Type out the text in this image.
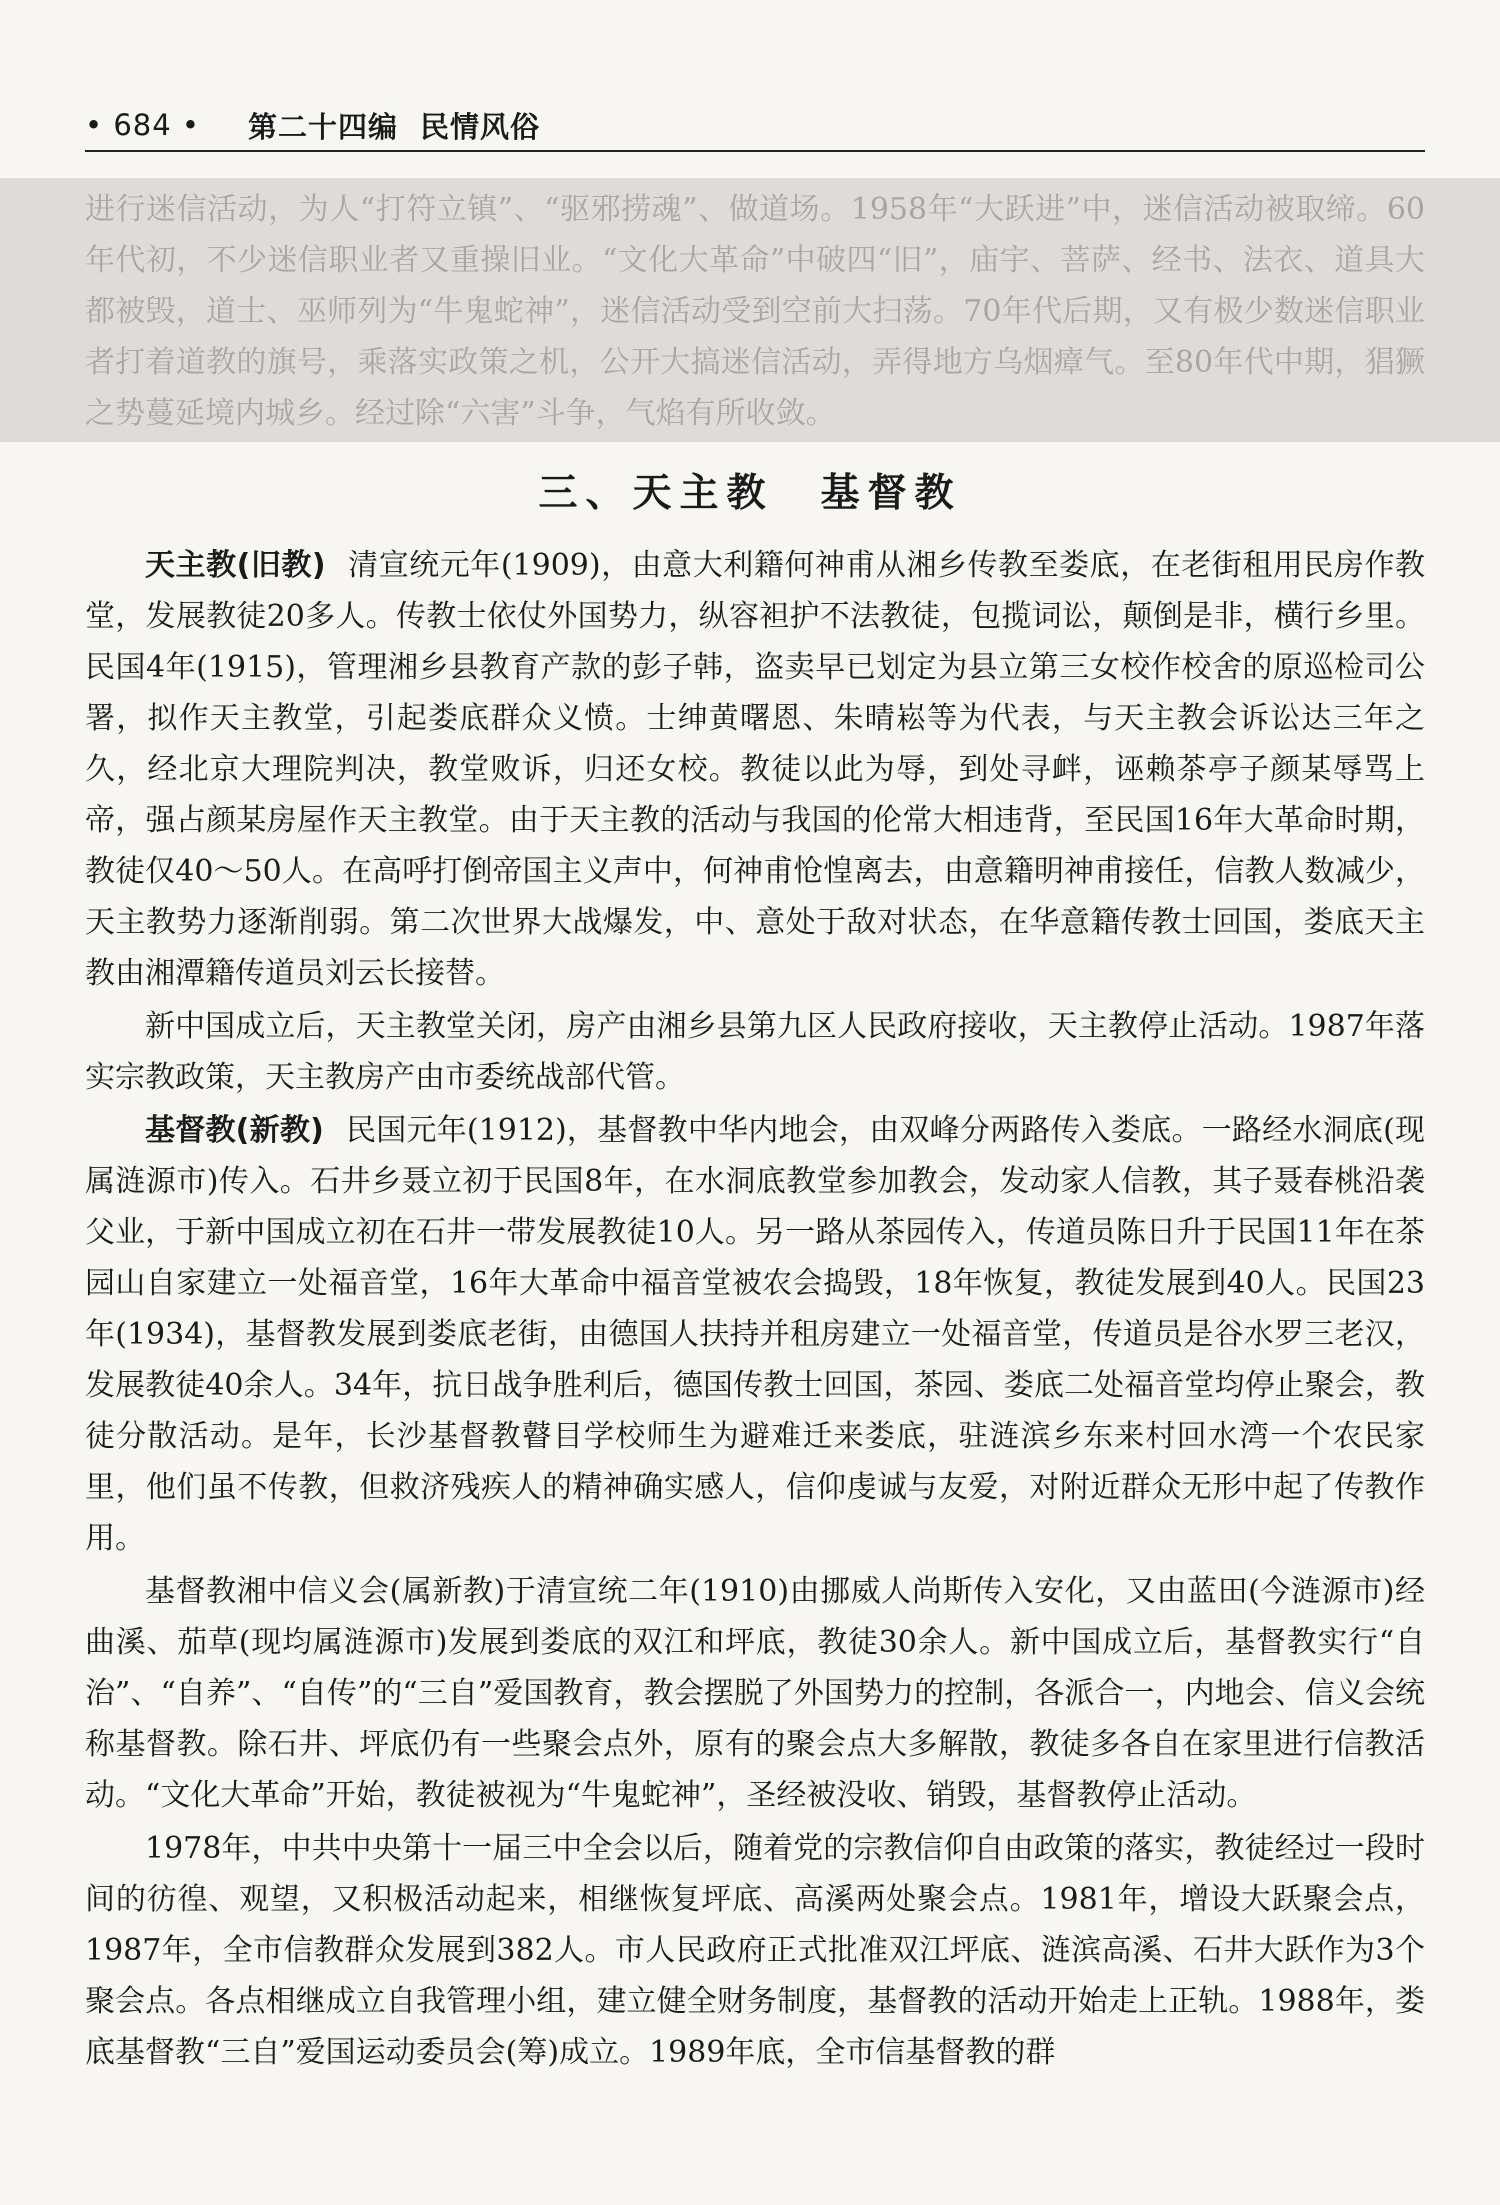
• 684 • 第二十四编 民情风俗

进行迷信活动，为人“打符立镇”、“驱邪捞魂”、做道场。1958年“大跃进”中，迷信活动被取缔。60年代初，不少迷信职业者又重操旧业。“文化大革命”中破四“旧”，庙宇、菩萨、经书、法衣、道具大都被毁，道士、巫师列为“牛鬼蛇神”，迷信活动受到空前大扫荡。70年代后期，又有极少数迷信职业者打着道教的旗号，乘落实政策之机，公开大搞迷信活动，弄得地方乌烟瘴气。至80年代中期，猖獗之势蔓延境内城乡。经过除“六害”斗争，气焰有所收敛。

三、天主教　基督教

天主教(旧教) 清宣统元年(1909)，由意大利籍何神甫从湘乡传教至娄底，在老街租用民房作教堂，发展教徒20多人。传教士依仗外国势力，纵容袒护不法教徒，包揽词讼，颠倒是非，横行乡里。民国4年(1915)，管理湘乡县教育产款的彭子韩，盗卖早已划定为县立第三女校作校舍的原巡检司公署，拟作天主教堂，引起娄底群众义愤。士绅黄曙恩、朱晴崧等为代表，与天主教会诉讼达三年之久，经北京大理院判决，教堂败诉，归还女校。教徒以此为辱，到处寻衅，诬赖茶亭子颜某辱骂上帝，强占颜某房屋作天主教堂。由于天主教的活动与我国的伦常大相违背，至民国16年大革命时期，教徒仅40～50人。在高呼打倒帝国主义声中，何神甫怆惶离去，由意籍明神甫接任，信教人数减少，天主教势力逐渐削弱。第二次世界大战爆发，中、意处于敌对状态，在华意籍传教士回国，娄底天主教由湘潭籍传道员刘云长接替。

新中国成立后，天主教堂关闭，房产由湘乡县第九区人民政府接收，天主教停止活动。1987年落实宗教政策，天主教房产由市委统战部代管。

基督教(新教) 民国元年(1912)，基督教中华内地会，由双峰分两路传入娄底。一路经水洞底(现属涟源市)传入。石井乡聂立初于民国8年，在水洞底教堂参加教会，发动家人信教，其子聂春桃沿袭父业，于新中国成立初在石井一带发展教徒10人。另一路从茶园传入，传道员陈日升于民国11年在茶园山自家建立一处福音堂，16年大革命中福音堂被农会捣毁，18年恢复，教徒发展到40人。民国23年(1934)，基督教发展到娄底老街，由德国人扶持并租房建立一处福音堂，传道员是谷水罗三老汉，发展教徒40余人。34年，抗日战争胜利后，德国传教士回国，茶园、娄底二处福音堂均停止聚会，教徒分散活动。是年，长沙基督教瞽目学校师生为避难迁来娄底，驻涟滨乡东来村回水湾一个农民家里，他们虽不传教，但救济残疾人的精神确实感人，信仰虔诚与友爱，对附近群众无形中起了传教作用。

基督教湘中信义会(属新教)于清宣统二年(1910)由挪威人尚斯传入安化，又由蓝田(今涟源市)经曲溪、茄草(现均属涟源市)发展到娄底的双江和坪底，教徒30余人。新中国成立后，基督教实行“自治”、“自养”、“自传”的“三自”爱国教育，教会摆脱了外国势力的控制，各派合一，内地会、信义会统称基督教。除石井、坪底仍有一些聚会点外，原有的聚会点大多解散，教徒多各自在家里进行信教活动。“文化大革命”开始，教徒被视为“牛鬼蛇神”，圣经被没收、销毁，基督教停止活动。

1978年，中共中央第十一届三中全会以后，随着党的宗教信仰自由政策的落实，教徒经过一段时间的彷徨、观望，又积极活动起来，相继恢复坪底、高溪两处聚会点。1981年，增设大跃聚会点，1987年，全市信教群众发展到382人。市人民政府正式批准双江坪底、涟滨高溪、石井大跃作为3个聚会点。各点相继成立自我管理小组，建立健全财务制度，基督教的活动开始走上正轨。1988年，娄底基督教“三自”爱国运动委员会(筹)成立。1989年底，全市信基督教的群
